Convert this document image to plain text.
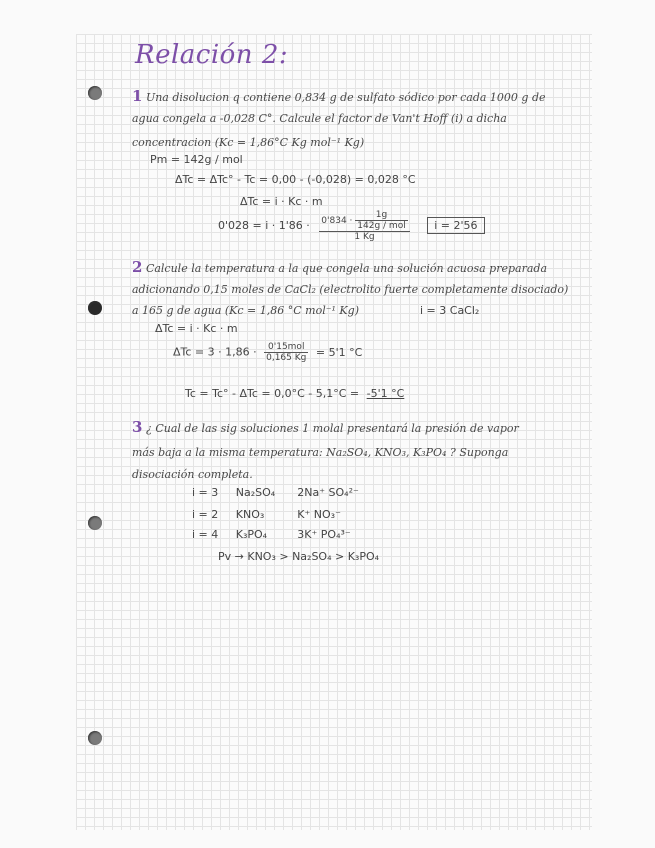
Relación 2:
1 Una disolucion q contiene 0,834 g de sulfato sódico por cada 1000 g de
agua congela a -0,028 C°. Calcule el factor de Van't Hoff (i) a dicha
concentracion (Kc = 1,86°C Kg mol⁻¹ Kg)
Pm = 142g / mol
ΔTc = ΔTc° - Tc = 0,00 - (-0,028) = 0,028 °C
ΔTc = i · Kc · m
$0'028 = i \cdot 1'86 \cdot \frac{0'834 \cdot \frac{1g}{\text{142g / mol}}}{1 Kg}$ i = 2'56
2 Calcule la temperatura a la que congela una solución acuosa preparada
adicionando 0,15 moles de CaCl₂ (electrolito fuerte completamente disociado)
a 165 g de agua (Kc = 1,86 °C mol⁻¹ Kg)	i = 3 CaCl₂
ΔTc = i · Kc · m
$\Delta Tc = 3 \cdot 1,86 \cdot \frac{\text{0'15mol}}{0,165 Kg} = 5'1$ °C
Tc = Tc° - ΔTc = 0,0°C - 5,1°C = -5'1 °C
3 ¿ Cual de las sig soluciones 1 molal presentará la presión de vapor
más baja a la misma temperatura: Na₂SO₄, KNO₃, K₃PO₄ ? Suponga
disociación completa.
i = 3 Na₂SO₄ 2Na⁺ SO₄²⁻
i = 2 KNO₃	K⁺ NO₃⁻
i = 4 K₃PO₄	3K⁺ PO₄³⁻
Pv → KNO₃ > Na₂SO₄ > K₃PO₄
